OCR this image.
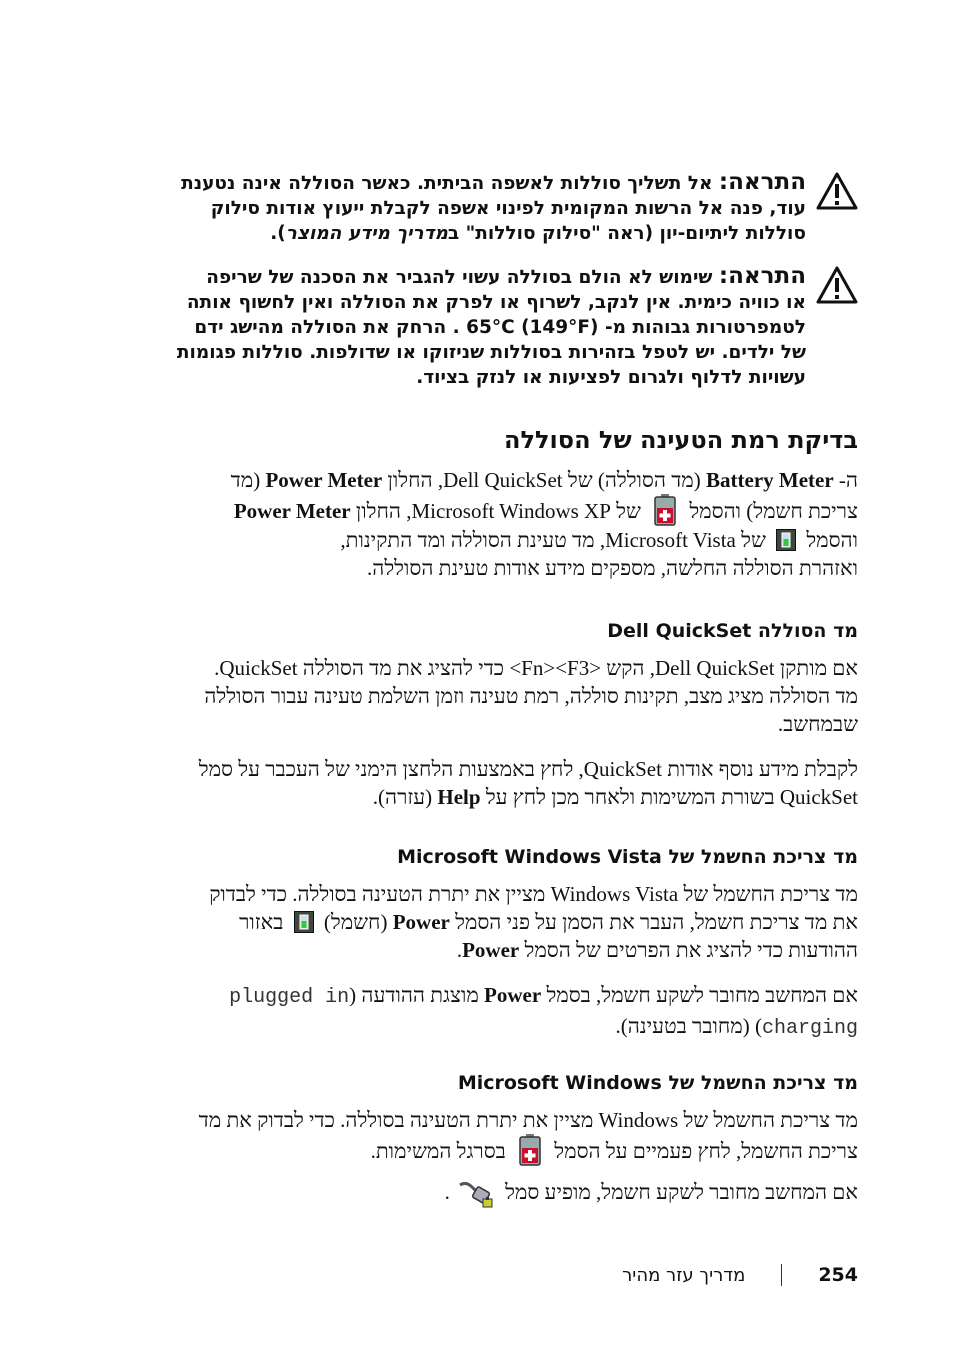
התראה: אל תשליך סוללות לאשפה הביתית. כאשר הסוללה אינה נטענת
עוד, פנה אל הרשות המקומית לפינוי אשפה לקבלת ייעוץ אודות סילוק
סוללות ליתיום-יון (ראה "סילוק סוללות" במדריך מידע המוצר).
התראה: שימוש לא הולם בסוללה עשוי להגביר את הסכנה של שריפה
או כוויה כימית. אין לנקב, לשרוף או לפרק את הסוללה ואין לחשוף אותה
לטמפרטורות גבוהות מ- 65°C (149°F) . הרחק את הסוללה מהישג ידם
של ילדים. יש לטפל בזהירות בסוללות שניזוקו או שדולפות. סוללות פגומות
עשויות לדלוף ולגרום לפציעות או לנזק בציוד.
בדיקת רמת הטעינה של הסוללה
ה- Battery Meter (מד הסוללה) של Dell QuickSet, החלון Power Meter (מד
צריכת חשמל) והסמל  של Microsoft Windows XP, החלון Power Meter
והסמל  של Microsoft Vista, מד טעינת הסוללה ומד התקינות,
ואזהרת הסוללה החלשה, מספקים מידע אודות טעינת הסוללה.
מד הסוללה Dell QuickSet
אם מותקן Dell QuickSet, הקש <Fn><F3> כדי להציג את מד הסוללה QuickSet.
מד הסוללה מציג מצב, תקינות סוללה, רמת טעינה וזמן השלמת טעינה עבור הסוללה
שבמחשב.
לקבלת מידע נוסף אודות QuickSet, לחץ באמצעות הלחצן הימני של העכבר על סמל
QuickSet בשורת המשימות ולאחר מכן לחץ על Help (עזרה).
מד צריכת החשמל של Microsoft Windows Vista
מד צריכת החשמל של Windows Vista מציין את יתרת הטעינה בסוללה. כדי לבדוק
את מד צריכת חשמל, העבר את הסמן על פני הסמל Power (חשמל)  באזור
ההודעות כדי להציג את הפרטים של הסמל Power.
אם המחשב מחובר לשקע חשמל, בסמל Power מוצגת ההודעה (plugged in
charging) (מחובר בטעינה).
מד צריכת החשמל של Microsoft Windows
מד צריכת החשמל של Windows מציין את יתרת הטעינה בסוללה. כדי לבדוק את מד
צריכת החשמל, לחץ פעמיים על הסמל  בסרגל המשימות.
אם המחשב מחובר לשקע חשמל, מופיע סמל .
254
מדריך עזר מהיר
